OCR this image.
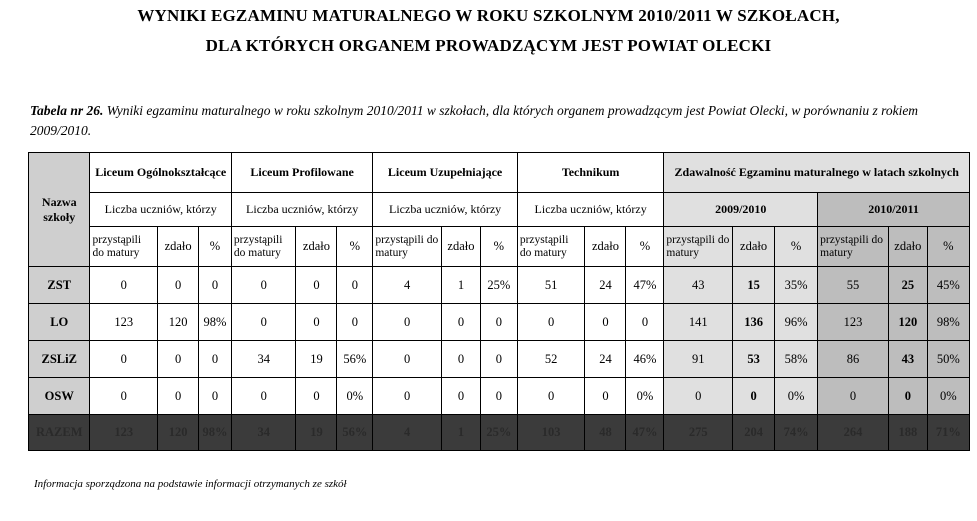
WYNIKI EGZAMINU MATURALNEGO W ROKU SZKOLNYM 2010/2011 W SZKOŁACH,
DLA KTÓRYCH ORGANEM PROWADZĄCYM JEST POWIAT OLECKI
Tabela nr 26. Wyniki egzaminu maturalnego w roku szkolnym 2010/2011 w szkołach, dla których organem prowadzącym jest Powiat Olecki, w porównaniu z rokiem 2009/2010.
Nazwa szkoły	Liceum Ogólnokształcące			Liceum Profilowane			Liceum Uzupełniające			Technikum			Zdawalność Egzaminu maturalnego w latach szkolnych					
	Liczba uczniów, którzy			Liczba uczniów, którzy			Liczba uczniów, którzy			Liczba uczniów, którzy			2009/2010			2010/2011		
	przystąpili do matury	zdało	%	przystąpili do matury	zdało	%	przystąpili do matury	zdało	%	przystąpili do matury	zdało	%	przystąpili do matury	zdało	%	przystąpili do matury	zdało	%
ZST	0	0	0	0	0	0	4	1	25%	51	24	47%	43	15	35%	55	25	45%
LO	123	120	98%	0	0	0	0	0	0	0	0	0	141	136	96%	123	120	98%
ZSLiZ	0	0	0	34	19	56%	0	0	0	52	24	46%	91	53	58%	86	43	50%
OSW	0	0	0	0	0	0%	0	0	0	0	0	0%	0	0	0%	0	0	0%
RAZEM	123	120	98%	34	19	56%	4	1	25%	103	48	47%	275	204	74%	264	188	71%
Informacja sporządzona na podstawie informacji otrzymanych ze szkół
